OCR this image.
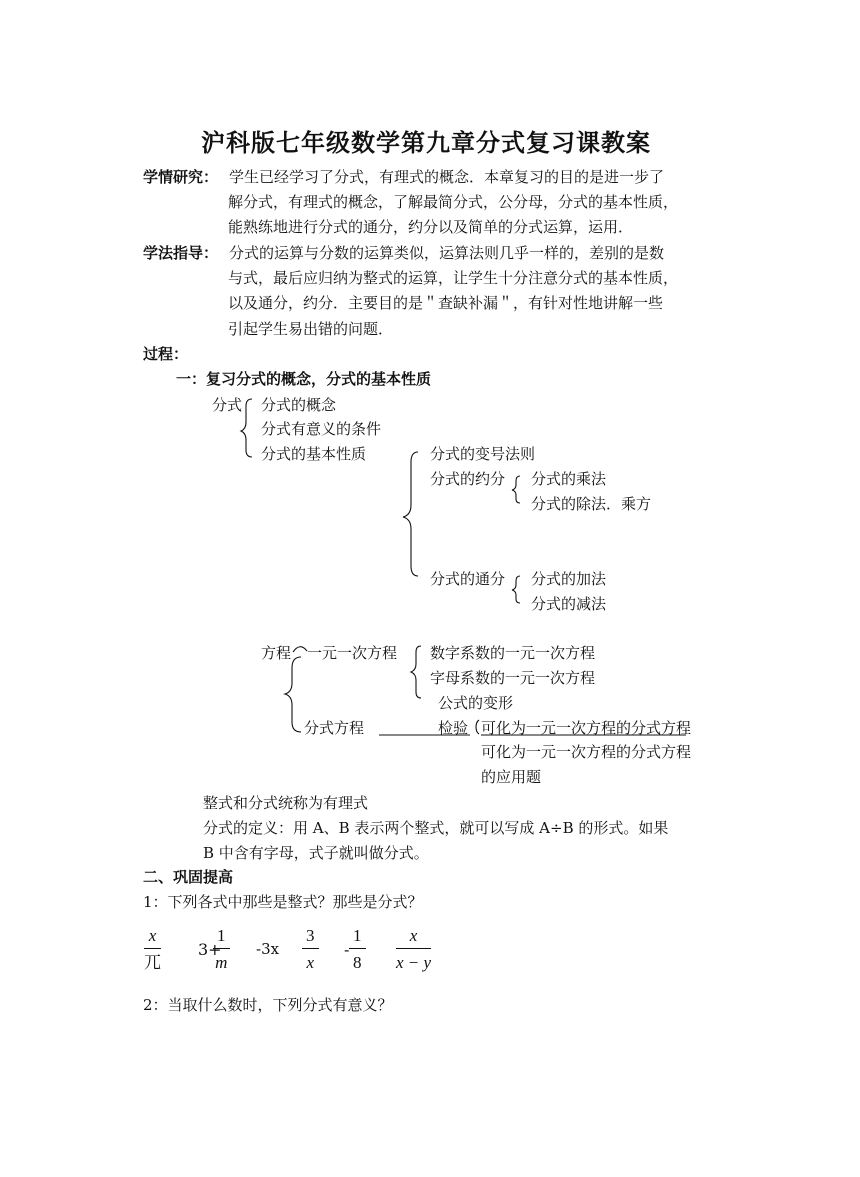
沪科版七年级数学第九章分式复习课教案
学情研究： 学生已经学习了分式，有理式的概念．本章复习的目的是进一步了
解分式，有理式的概念，了解最简分式，公分母，分式的基本性质，
能熟练地进行分式的通分，约分以及简单的分式运算，运用．
学法指导： 分式的运算与分数的运算类似，运算法则几乎一样的，差别的是数
与式，最后应归纳为整式的运算，让学生十分注意分式的基本性质，
以及通分，约分．主要目的是＂查缺补漏＂，有针对性地讲解一些
引起学生易出错的问题．
过程：
一：复习分式的概念，分式的基本性质
分式 分式的概念
分式有意义的条件
分式的基本性质	分式的变号法则
分式的约分 分式的乘法
分式的除法．乘方
分式的通分 分式的加法
分式的减法
方程 一元一次方程 数字系数的一元一次方程
字母系数的一元一次方程
公式的变形
分式方程	检验 可化为一元一次方程的分式方程
可化为一元一次方程的分式方程
的应用题
整式和分式统称为有理式
分式的定义：用 A、B 表示两个整式，就可以写成 A÷B 的形式。如果
B 中含有字母，式子就叫做分式。
二、巩固提高
1：下列各式中那些是整式？那些是分式？
x
兀
3+
$\frac{1}{m} -3x \frac{3}{x} - \frac{1}{8} \frac{x}{x - y}$
2：当取什么数时，下列分式有意义？
